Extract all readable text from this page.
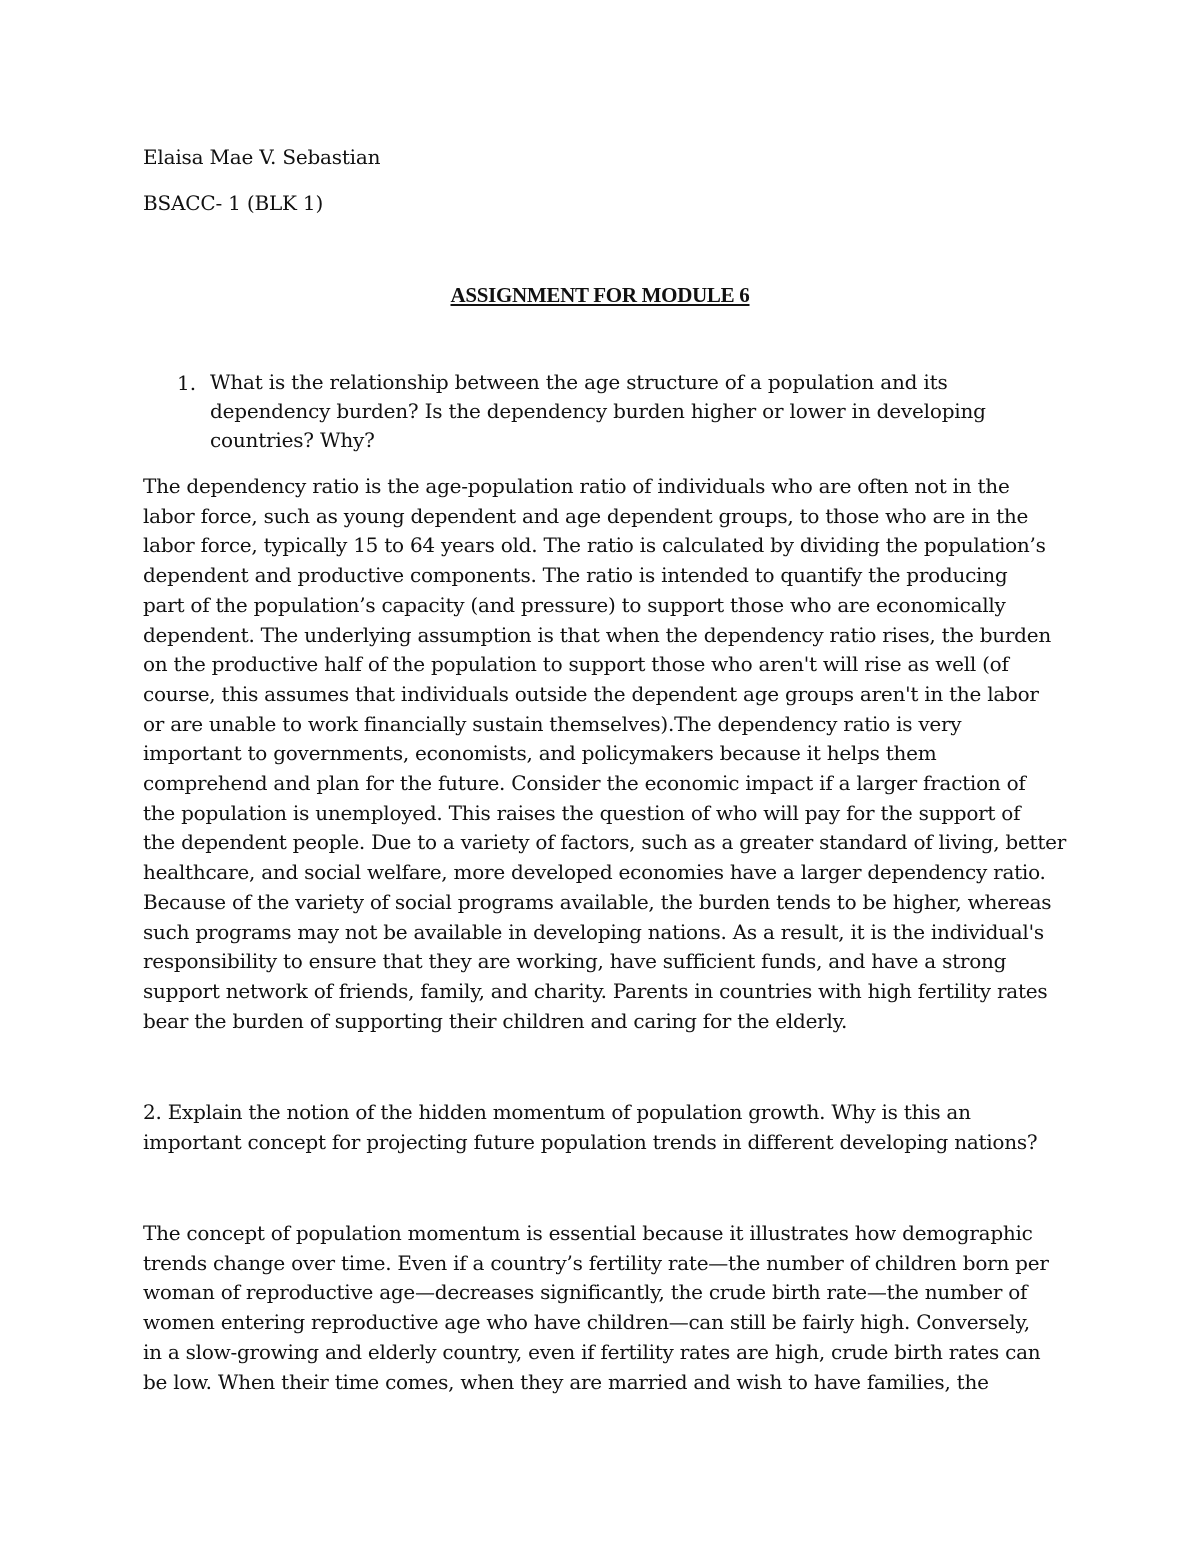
Elaisa Mae V. Sebastian
BSACC- 1 (BLK 1)
ASSIGNMENT FOR MODULE 6
1. What is the relationship between the age structure of a population and its
dependency burden? Is the dependency burden higher or lower in developing
countries? Why?
The dependency ratio is the age-population ratio of individuals who are often not in the
labor force, such as young dependent and age dependent groups, to those who are in the
labor force, typically 15 to 64 years old. The ratio is calculated by dividing the population’s
dependent and productive components. The ratio is intended to quantify the producing
part of the population’s capacity (and pressure) to support those who are economically
dependent. The underlying assumption is that when the dependency ratio rises, the burden
on the productive half of the population to support those who aren't will rise as well (of
course, this assumes that individuals outside the dependent age groups aren't in the labor
or are unable to work financially sustain themselves).The dependency ratio is very
important to governments, economists, and policymakers because it helps them
comprehend and plan for the future. Consider the economic impact if a larger fraction of
the population is unemployed. This raises the question of who will pay for the support of
the dependent people. Due to a variety of factors, such as a greater standard of living, better
healthcare, and social welfare, more developed economies have a larger dependency ratio.
Because of the variety of social programs available, the burden tends to be higher, whereas
such programs may not be available in developing nations. As a result, it is the individual's
responsibility to ensure that they are working, have sufficient funds, and have a strong
support network of friends, family, and charity. Parents in countries with high fertility rates
bear the burden of supporting their children and caring for the elderly.
2. Explain the notion of the hidden momentum of population growth. Why is this an
important concept for projecting future population trends in different developing nations?
The concept of population momentum is essential because it illustrates how demographic
trends change over time. Even if a country’s fertility rate—the number of children born per
woman of reproductive age—decreases significantly, the crude birth rate—the number of
women entering reproductive age who have children—can still be fairly high. Conversely,
in a slow-growing and elderly country, even if fertility rates are high, crude birth rates can
be low. When their time comes, when they are married and wish to have families, the
